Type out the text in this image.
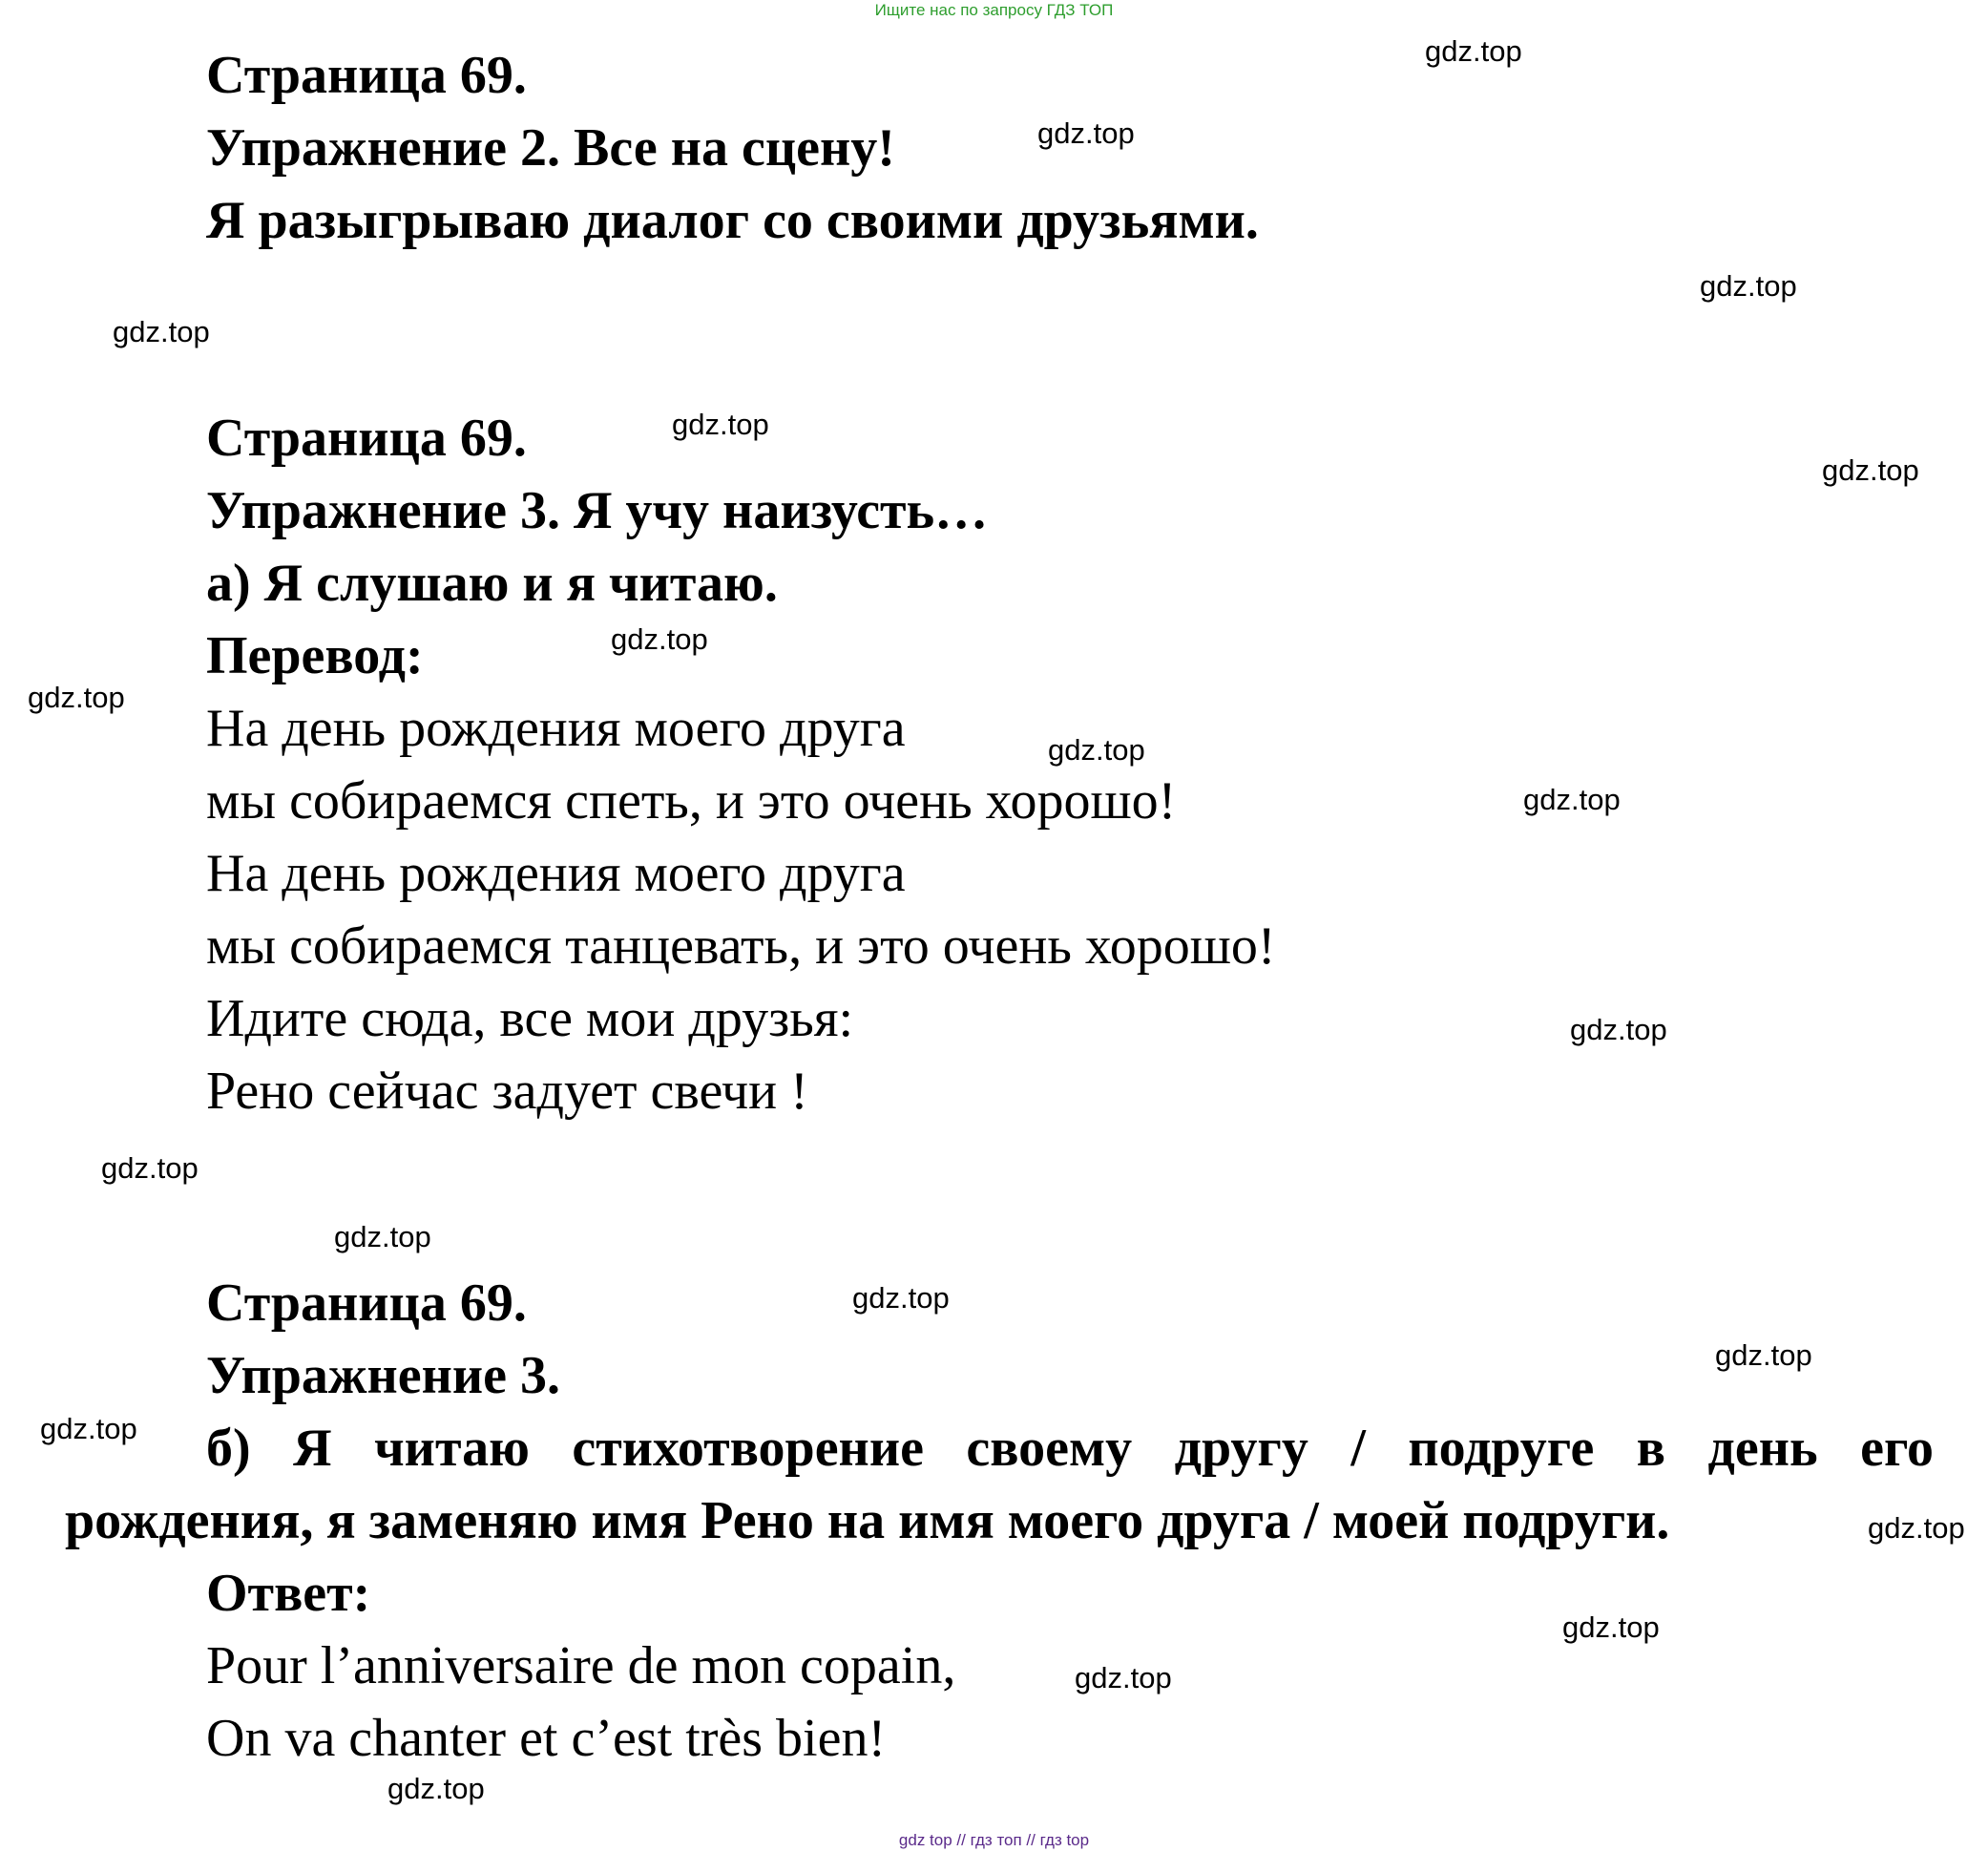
Ищите нас по запросу ГДЗ ТОП
Страница 69.
Упражнение 2. Все на сцену!
Я разыгрываю диалог со своими друзьями.
Страница 69.
Упражнение 3. Я учу наизусть…
а) Я слушаю и я читаю.
Перевод:
На день рождения моего друга
мы собираемся спеть, и это очень хорошо!
На день рождения моего друга
мы собираемся танцевать, и это очень хорошо!
Идите сюда, все мои друзья:
Рено сейчас задует свечи !
Страница 69.
Упражнение 3.
б) Я читаю стихотворение своему другу / подруге в день его
рождения, я заменяю имя Рено на имя моего друга / моей подруги.
Ответ:
Pour l’anniversaire de mon copain,
On va chanter et c’est très bien!
gdz.top
gdz.top
gdz.top
gdz.top
gdz.top
gdz.top
gdz.top
gdz.top
gdz.top
gdz.top
gdz.top
gdz.top
gdz.top
gdz.top
gdz.top
gdz.top
gdz.top
gdz.top
gdz.top
gdz.top
gdz top // гдз топ // гдз top
